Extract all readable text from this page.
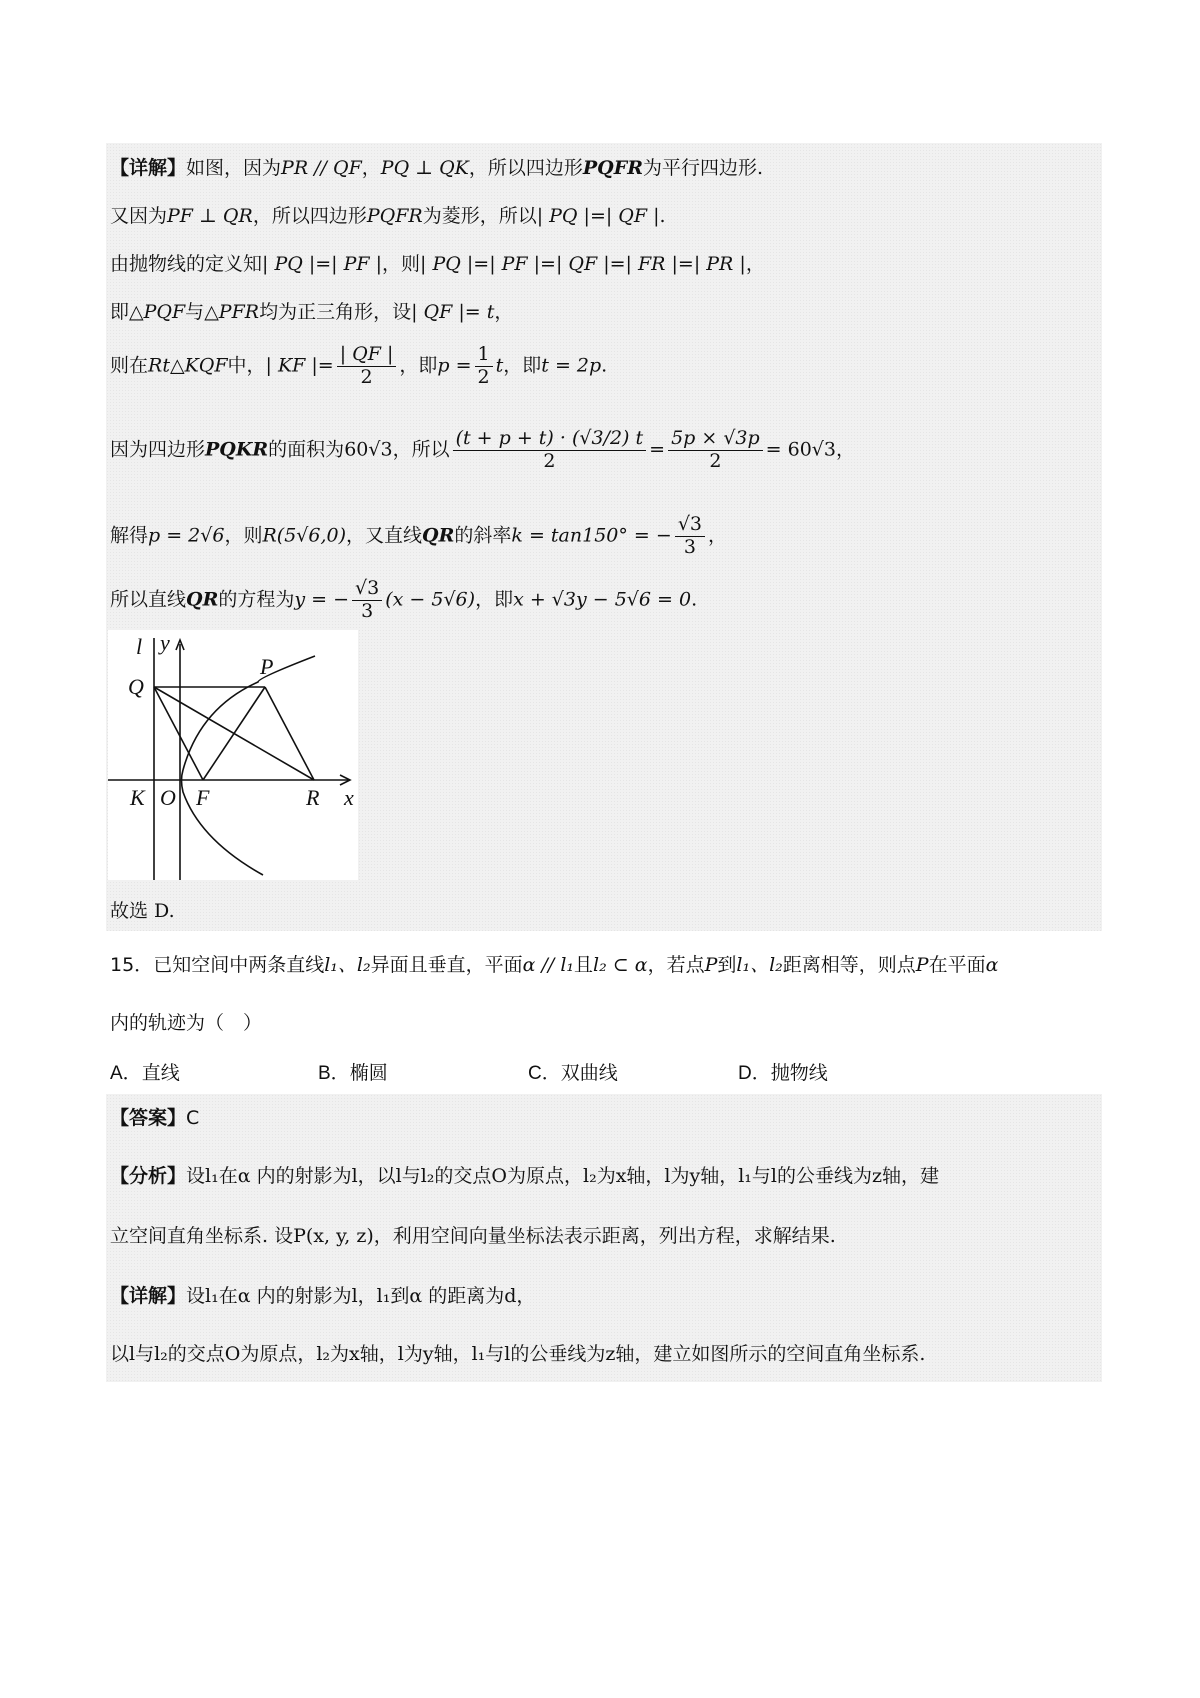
【详解】如图，因为PR // QF，PQ ⊥ QK，所以四边形PQFR为平行四边形.
又因为PF ⊥ QR，所以四边形PQFR为菱形，所以| PQ |=| QF |.
由抛物线的定义知| PQ |=| PF |，则| PQ |=| PF |=| QF |=| FR |=| PR |，
即△PQF与△PFR均为正三角形，设| QF |= t，
则在Rt△KQF中，| KF |= $\frac{| QF |}{2}$ ，即$p = \frac{1}{2}$ t，即t = 2p.
因为四边形PQKR的面积为60√3，所以 $\frac{(t + p + t) \cdot (√3/2) t}{2} = \frac{5p \times √3p}{2} = 60√3$，
解得p = 2√6，则R(5√6,0)，又直线QR的斜率k = tan150° = − $\frac{√3}{3}$ ，
所以直线QR的方程为y = − $\frac{√3}{3} (x - 5√6)$，即x + √3y − 5√6 = 0.
l y
Q
P
K O F	R x
故选 D.
15．已知空间中两条直线l₁、l₂异面且垂直，平面α // l₁且l₂ ⊂ α，若点P到l₁、l₂距离相等，则点P在平面α
内的轨迹为（　）
A．直线	B．椭圆	C．双曲线	D．抛物线
【答案】C
【分析】设l₁在α 内的射影为l，以l与l₂的交点O为原点，l₂为x轴，l为y轴，l₁与l的公垂线为z轴，建
立空间直角坐标系. 设P(x, y, z)，利用空间向量坐标法表示距离，列出方程，求解结果.
【详解】设l₁在α 内的射影为l，l₁到α 的距离为d，
以l与l₂的交点O为原点，l₂为x轴，l为y轴，l₁与l的公垂线为z轴，建立如图所示的空间直角坐标系.
